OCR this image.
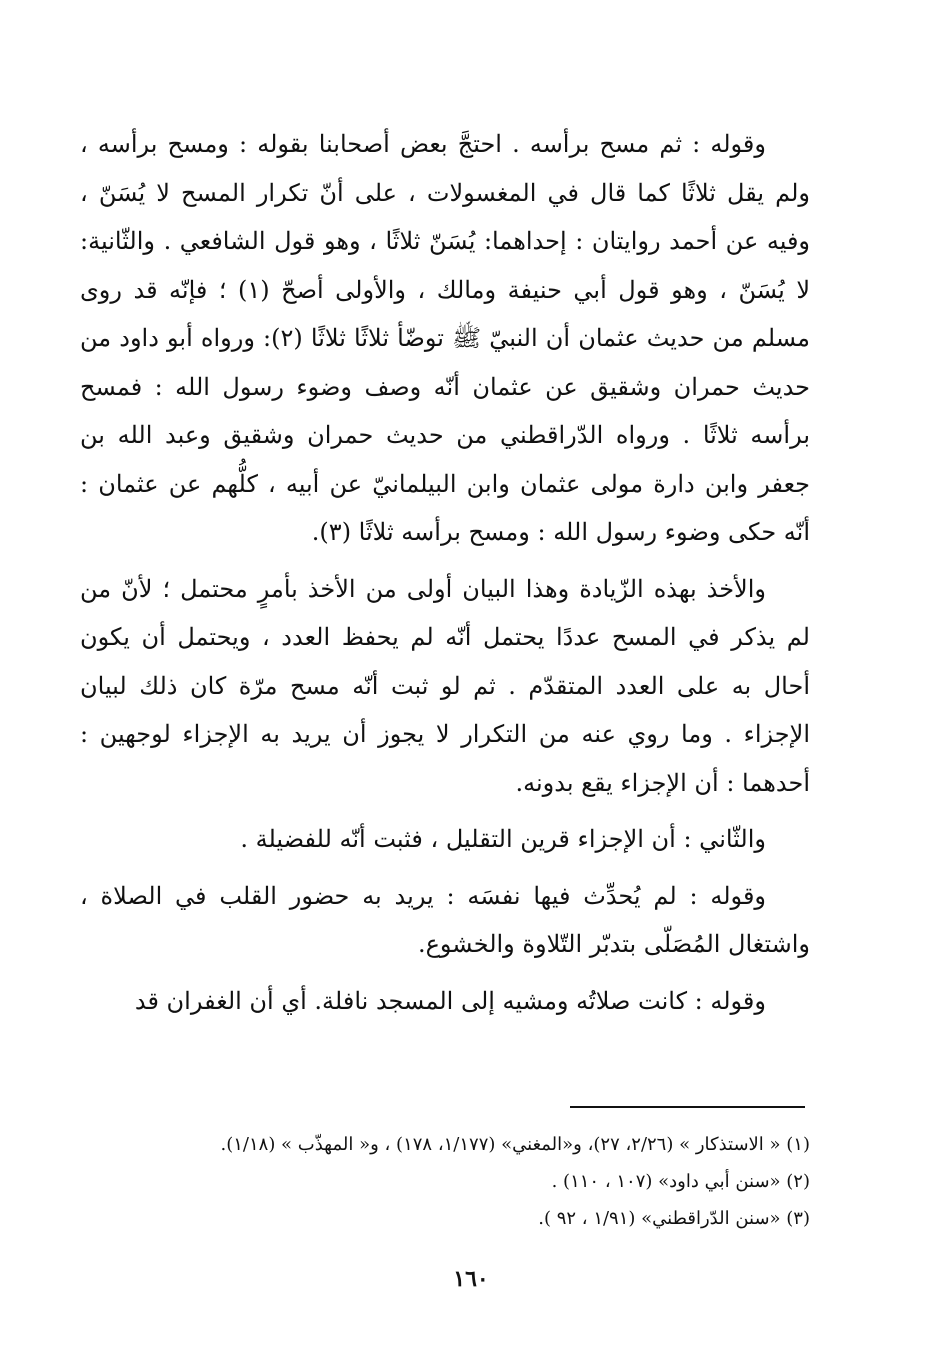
وقوله : ثم مسح برأسه . احتجَّ بعض أصحابنا بقوله : ومسح برأسه ، ولم يقل ثلاثًا كما قال في المغسولات ، على أنّ تكرار المسح لا يُسَنّ ، وفيه عن أحمد روايتان : إحداهما: يُسَنّ ثلاثًا ، وهو قول الشافعي . والثّانية: لا يُسَنّ ، وهو قول أبي حنيفة ومالك ، والأولى أصحّ (١) ؛ فإنّه قد روى مسلم من حديث عثمان أن النبيّ ﷺ توضّأ ثلاثًا ثلاثًا (٢): ورواه أبو داود من حديث حمران وشقيق عن عثمان أنّه وصف وضوء رسول الله : فمسح برأسه ثلاثًا . ورواه الدّراقطني من حديث حمران وشقيق وعبد الله بن جعفر وابن دارة مولى عثمان وابن البيلمانيّ عن أبيه ، كلُّهم عن عثمان : أنّه حكى وضوء رسول الله : ومسح برأسه ثلاثًا (٣).

والأخذ بهذه الزّيادة وهذا البيان أولى من الأخذ بأمرٍ محتمل ؛ لأنّ من لم يذكر في المسح عددًا يحتمل أنّه لم يحفظ العدد ، ويحتمل أن يكون أحال به على العدد المتقدّم . ثم لو ثبت أنّه مسح مرّة كان ذلك لبيان الإجزاء . وما روي عنه من التكرار لا يجوز أن يريد به الإجزاء لوجهين : أحدهما : أن الإجزاء يقع بدونه.

والثّاني : أن الإجزاء قرين التقليل ، فثبت أنّه للفضيلة .

وقوله : لم يُحدِّث فيها نفسَه : يريد به حضور القلب في الصلاة ، واشتغال المُصَلّى بتدبّر التّلاوة والخشوع.

وقوله : كانت صلاتُه ومشيه إلى المسجد نافلة. أي أن الغفران قد

(١) « الاستذكار » (٢/٢٦، ٢٧)، و«المغني» (١/١٧٧، ١٧٨) ، و« المهذّب » (١/١٨).

(٢) «سنن أبي داود» (١٠٧ ، ١١٠) .

(٣) «سنن الدّراقطني» (١/٩١ ، ٩٢ ).

١٦٠
